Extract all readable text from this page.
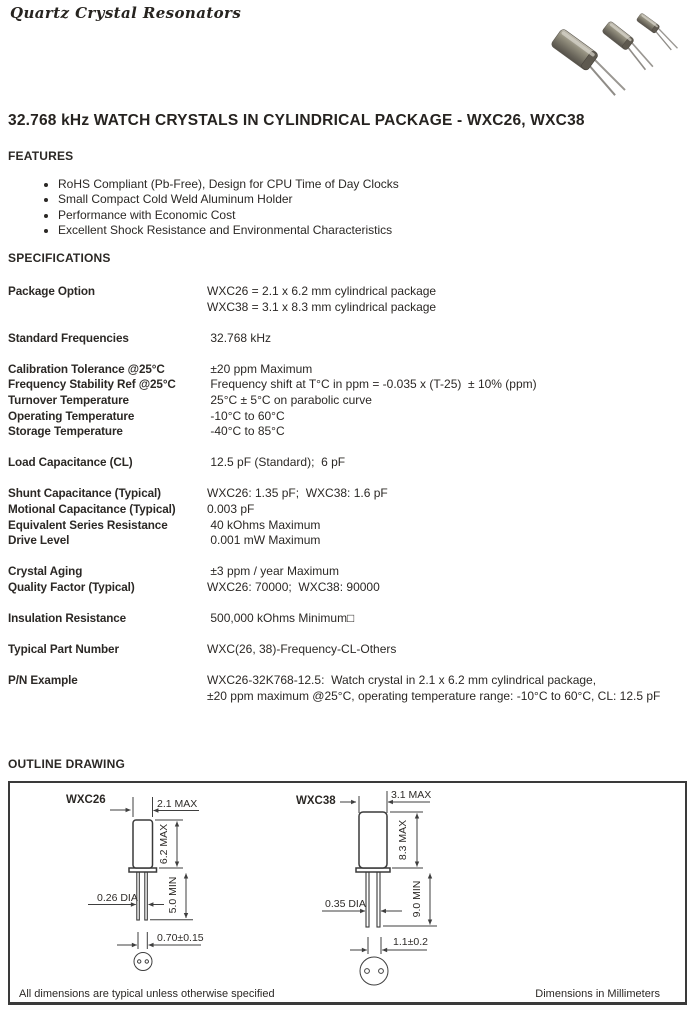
Quartz Crystal Resonators
32.768 kHz WATCH CRYSTALS IN CYLINDRICAL PACKAGE - WXC26, WXC38
FEATURES
• RoHS Compliant (Pb-Free), Design for CPU Time of Day Clocks
• Small Compact Cold Weld Aluminum Holder
• Performance with Economic Cost
• Excellent Shock Resistance and Environmental Characteristics
SPECIFICATIONS
Package Option	WXC26 = 2.1 x 6.2 mm cylindrical package
WXC38 = 3.1 x 8.3 mm cylindrical package
Standard Frequencies	32.768 kHz
Calibration Tolerance @25°C	±20 ppm Maximum
Frequency Stability Ref @25°C	Frequency shift at T°C in ppm = -0.035 x (T-25)  ± 10% (ppm)
Turnover Temperature	25°C ± 5°C on parabolic curve
Operating Temperature	-10°C to 60°C
Storage Temperature	-40°C to 85°C
Load Capacitance (CL)	12.5 pF (Standard);  6 pF
Shunt Capacitance (Typical)	WXC26: 1.35 pF;  WXC38: 1.6 pF
Motional Capacitance (Typical)	0.003 pF
Equivalent Series Resistance	40 kOhms Maximum
Drive Level	0.001 mW Maximum
Crystal Aging	±3 ppm / year Maximum
Quality Factor (Typical)	WXC26: 70000;  WXC38: 90000
Insulation Resistance	500,000 kOhms Minimum□
Typical Part Number	WXC(26, 38)-Frequency-CL-Others
P/N Example	WXC26-32K768-12.5:  Watch crystal in 2.1 x 6.2 mm cylindrical package,
±20 ppm maximum @25°C, operating temperature range: -10°C to 60°C, CL: 12.5 pF
OUTLINE DRAWING
WXC26	2.1 MAX
6.2 MAX
5.0 MIN
0.26 DIA
0.70±0.15
WXC38	3.1 MAX
8.3 MAX
9.0 MIN
0.35 DIA
1.1±0.2
All dimensions are typical unless otherwise specified	Dimensions in Millimeters
